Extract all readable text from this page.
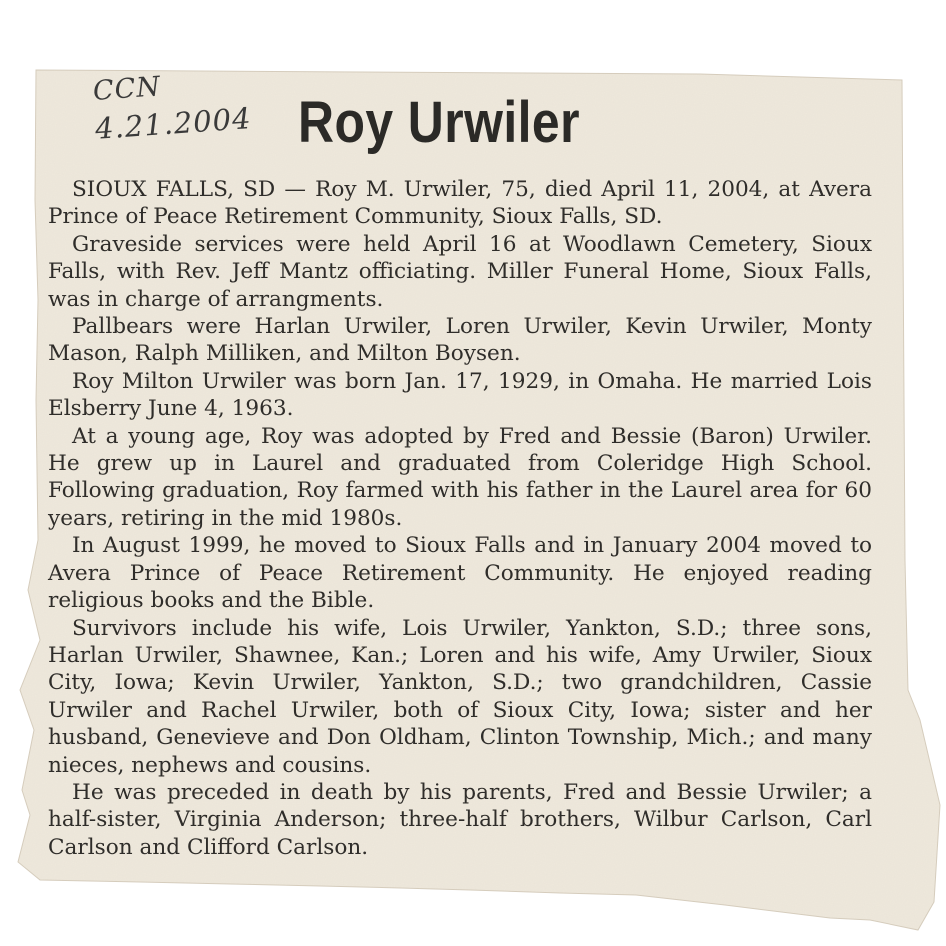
CCN
4.21.2004 Roy Urwiler

SIOUX FALLS, SD — Roy M. Urwiler, 75, died April 11, 2004, at Avera Prince of Peace Retirement Community, Sioux Falls, SD.

Graveside services were held April 16 at Woodlawn Cemetery, Sioux Falls, with Rev. Jeff Mantz officiating. Miller Funeral Home, Sioux Falls, was in charge of arrangments.

Pallbears were Harlan Urwiler, Loren Urwiler, Kevin Urwiler, Monty Mason, Ralph Milliken, and Milton Boysen.

Roy Milton Urwiler was born Jan. 17, 1929, in Omaha. He married Lois Elsberry June 4, 1963.

At a young age, Roy was adopted by Fred and Bessie (Baron) Urwiler. He grew up in Laurel and graduated from Coleridge High School. Following graduation, Roy farmed with his father in the Laurel area for 60 years, retiring in the mid 1980s.

In August 1999, he moved to Sioux Falls and in January 2004 moved to Avera Prince of Peace Retirement Community. He enjoyed reading religious books and the Bible.

Survivors include his wife, Lois Urwiler, Yankton, S.D.; three sons, Harlan Urwiler, Shawnee, Kan.; Loren and his wife, Amy Urwiler, Sioux City, Iowa; Kevin Urwiler, Yankton, S.D.; two grandchildren, Cassie Urwiler and Rachel Urwiler, both of Sioux City, Iowa; sister and her husband, Genevieve and Don Oldham, Clinton Township, Mich.; and many nieces, nephews and cousins.

He was preceded in death by his parents, Fred and Bessie Urwiler; a half-sister, Virginia Anderson; three-half brothers, Wilbur Carlson, Carl Carlson and Clifford Carlson.
